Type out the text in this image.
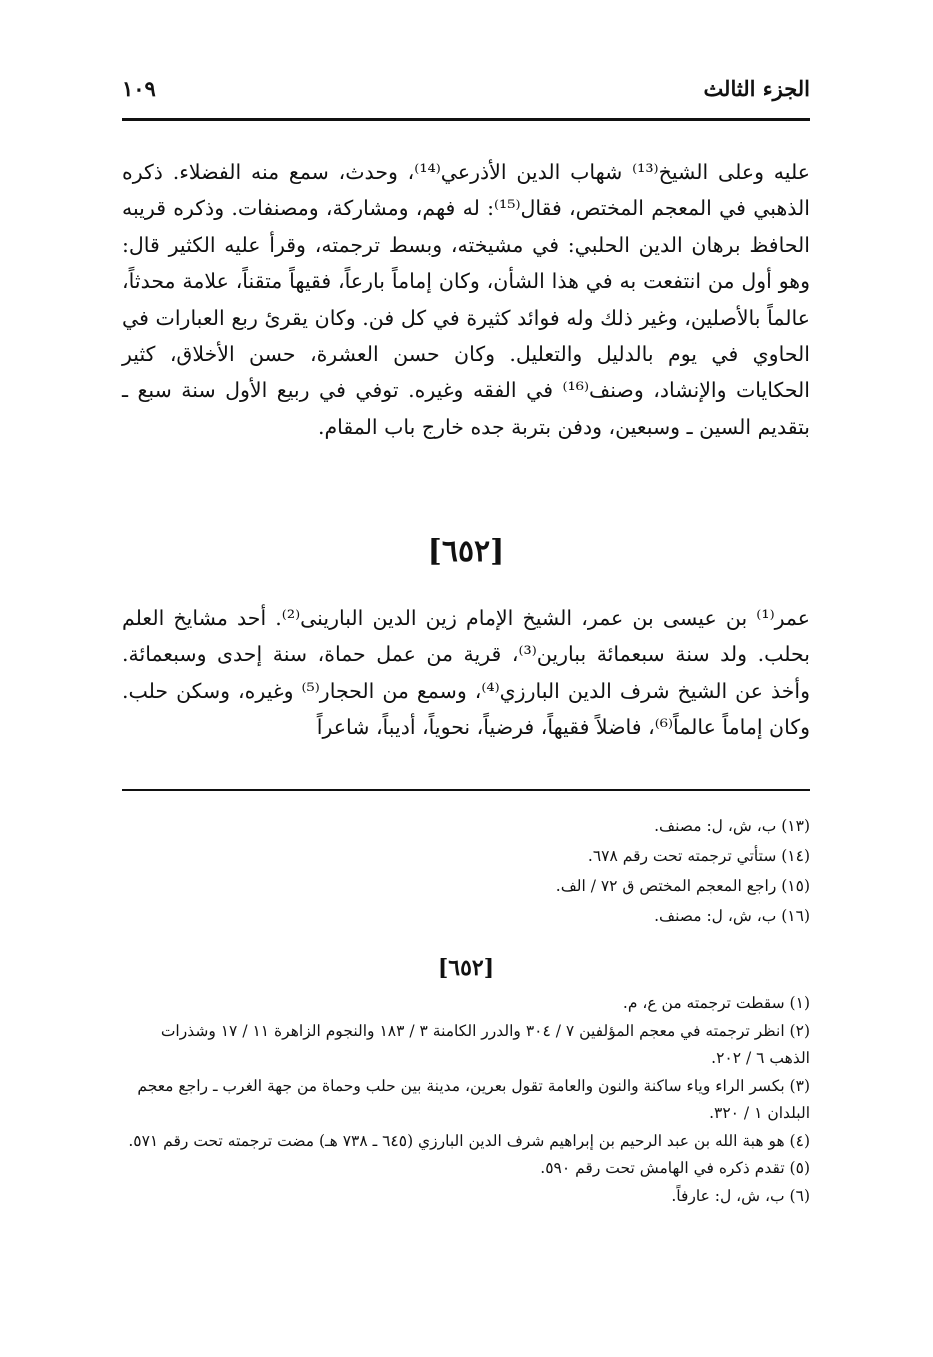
الجزء الثالث
١٠٩

عليه وعلى الشيخ⁽¹³⁾ شهاب الدين الأذرعي⁽¹⁴⁾، وحدث، سمع منه الفضلاء. ذكره الذهبي في المعجم المختص، فقال⁽¹⁵⁾: له فهم، ومشاركة، ومصنفات. وذكره قريبه الحافظ برهان الدين الحلبي: في مشيخته، وبسط ترجمته، وقرأ عليه الكثير قال: وهو أول من انتفعت به في هذا الشأن، وكان إماماً بارعاً، فقيهاً متقناً، علامة محدثاً، عالماً بالأصلين، وغير ذلك وله فوائد كثيرة في كل فن. وكان يقرئ ربع العبارات في الحاوي في يوم بالدليل والتعليل. وكان حسن العشرة، حسن الأخلاق، كثير الحكايات والإنشاد، وصنف⁽¹⁶⁾ في الفقه وغيره. توفي في ربيع الأول سنة سبع ـ بتقديم السين ـ وسبعين، ودفن بتربة جده خارج باب المقام.

[٦٥٢]

عمر⁽¹⁾ بن عيسى بن عمر، الشيخ الإمام زين الدين البارينى⁽²⁾. أحد مشايخ العلم بحلب. ولد سنة سبعمائة ببارين⁽³⁾، قرية من عمل حماة، سنة إحدى وسبعمائة. وأخذ عن الشيخ شرف الدين البارزي⁽⁴⁾، وسمع من الحجار⁽⁵⁾ وغيره، وسكن حلب. وكان إماماً عالماً⁽⁶⁾، فاضلاً فقيهاً، فرضياً، نحوياً، أديباً، شاعراً

(١٣) ب، ش، ل: مصنف.
(١٤) ستأتي ترجمته تحت رقم ٦٧٨.
(١٥) راجع المعجم المختص ق ٧٢ / الف.
(١٦) ب، ش، ل: مصنف.
[٦٥٢]
(١) سقطت ترجمته من ع، م.
(٢) انظر ترجمته في معجم المؤلفين ٧ / ٣٠٤ والدرر الكامنة ٣ / ١٨٣ والنجوم الزاهرة ١١ / ١٧ وشذرات الذهب ٦ / ٢٠٢.
(٣) بكسر الراء وياء ساكنة والنون والعامة تقول بعرين، مدينة بين حلب وحماة من جهة الغرب ـ راجع معجم البلدان ١ / ٣٢٠.
(٤) هو هبة الله بن عبد الرحيم بن إبراهيم شرف الدين البارزي (٦٤٥ ـ ٧٣٨ هـ) مضت ترجمته تحت رقم ٥٧١.
(٥) تقدم ذكره في الهامش تحت رقم ٥٩٠.
(٦) ب، ش، ل: عارفاً.
